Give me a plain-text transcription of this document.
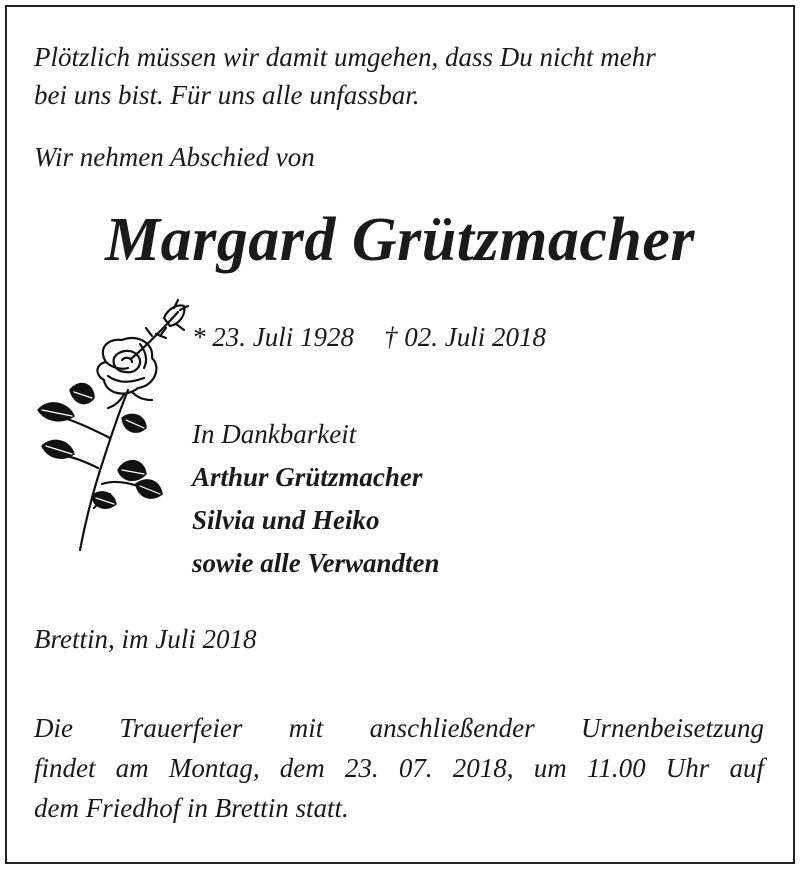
Plötzlich müssen wir damit umgehen, dass Du nicht mehr
bei uns bist. Für uns alle unfassbar.
Wir nehmen Abschied von
Margard Grützmacher
* 23. Juli 1928 † 02. Juli 2018
In Dankbarkeit
Arthur Grützmacher
Silvia und Heiko
sowie alle Verwandten
Brettin, im Juli 2018
Die Trauerfeier mit anschließender Urnenbeisetzung
findet am Montag, dem 23. 07. 2018, um 11.00 Uhr auf
dem Friedhof in Brettin statt.
